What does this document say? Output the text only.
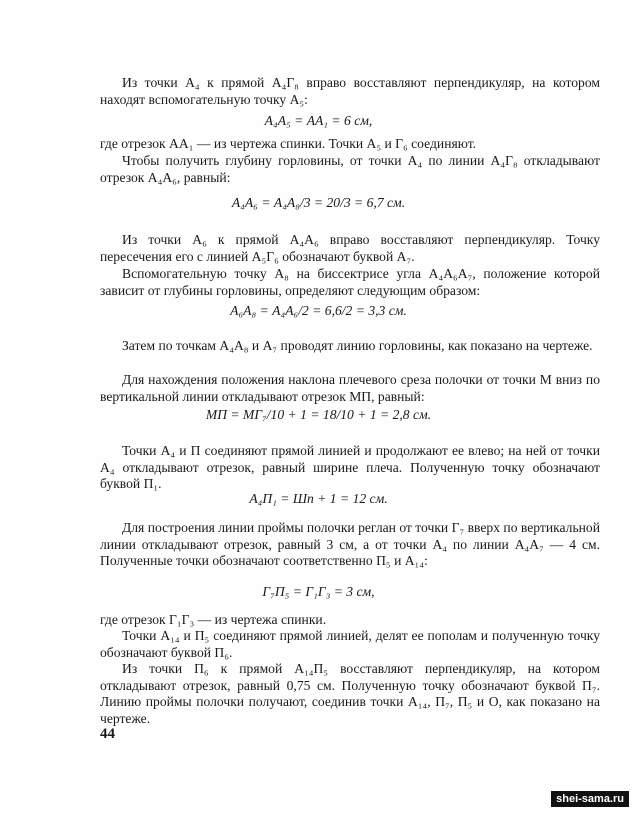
Из точки А₄ к прямой А₄Г₈ вправо восставляют перпендикуляр, на котором находят вспомогательную точку А₅:

А₄А₅ = АА₁ = 6 см,

где отрезок АА₁ — из чертежа спинки. Точки А₅ и Г₆ соединяют.

Чтобы получить глубину горловины, от точки А₄ по линии А₄Г₈ откладывают отрезок А₄А₆, равный:

А₄А₆ = А₄А₈/3 = 20/3 = 6,7 см.

Из точки А₆ к прямой А₄А₆ вправо восставляют перпендикуляр. Точку пересечения его с линией А₅Г₆ обозначают буквой А₇.

Вспомогательную точку А₈ на биссектрисе угла А₄А₆А₇, положение которой зависит от глубины горловины, определяют следующим образом:

А₆А₈ = А₄А₆/2 = 6,6/2 = 3,3 см.

Затем по точкам А₄А₈ и А₇ проводят линию горловины, как показано на чертеже.

Для нахождения положения наклона плечевого среза полочки от точки М вниз по вертикальной линии откладывают отрезок МП, равный:

МП = МГ₇/10 + 1 = 18/10 + 1 = 2,8 см.

Точки А₄ и П соединяют прямой линией и продолжают ее влево; на ней от точки А₄ откладывают отрезок, равный ширине плеча. Полученную точку обозначают буквой П₁.

А₄П₁ = Шп + 1 = 12 см.

Для построения линии проймы полочки реглан от точки Г₇ вверх по вертикальной линии откладывают отрезок, равный 3 см, а от точки А₄ по линии А₄А₇ — 4 см. Полученные точки обозначают соответственно П₅ и А₁₄:

Г₇П₅ = Г₁Г₃ = 3 см,

где отрезок Г₁Г₃ — из чертежа спинки.

Точки А₁₄ и П₅ соединяют прямой линией, делят ее пополам и полученную точку обозначают буквой П₆.

Из точки П₆ к прямой А₁₄П₅ восставляют перпендикуляр, на котором откладывают отрезок, равный 0,75 см. Полученную точку обозначают буквой П₇. Линию проймы полочки получают, соединив точки А₁₄, П₇, П₅ и О, как показано на чертеже.

44

shei-sama.ru
